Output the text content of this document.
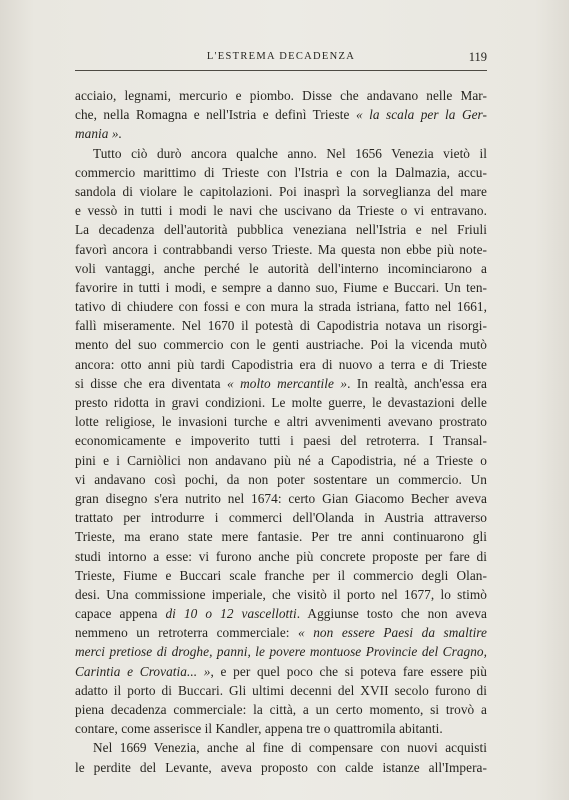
L'ESTREMA DECADENZA	119
acciaio, legnami, mercurio e piombo. Disse che andavano nelle Mar-
che, nella Romagna e nell'Istria e definì Trieste « la scala per la Ger-
mania ».
Tutto ciò durò ancora qualche anno. Nel 1656 Venezia vietò il
commercio marittimo di Trieste con l'Istria e con la Dalmazia, accu-
sandola di violare le capitolazioni. Poi inasprì la sorveglianza del mare
e vessò in tutti i modi le navi che uscivano da Trieste o vi entravano.
La decadenza dell'autorità pubblica veneziana nell'Istria e nel Friuli
favorì ancora i contrabbandi verso Trieste. Ma questa non ebbe più note-
voli vantaggi, anche perché le autorità dell'interno incominciarono a
favorire in tutti i modi, e sempre a danno suo, Fiume e Buccari. Un ten-
tativo di chiudere con fossi e con mura la strada istriana, fatto nel 1661,
fallì miseramente. Nel 1670 il potestà di Capodistria notava un risorgi-
mento del suo commercio con le genti austriache. Poi la vicenda mutò
ancora: otto anni più tardi Capodistria era di nuovo a terra e di Trieste
si disse che era diventata « molto mercantile ». In realtà, anch'essa era
presto ridotta in gravi condizioni. Le molte guerre, le devastazioni delle
lotte religiose, le invasioni turche e altri avvenimenti avevano prostrato
economicamente e impoverito tutti i paesi del retroterra. I Transal-
pini e i Carniòlici non andavano più né a Capodistria, né a Trieste o
vi andavano così pochi, da non poter sostentare un commercio. Un
gran disegno s'era nutrito nel 1674: certo Gian Giacomo Becher aveva
trattato per introdurre i commerci dell'Olanda in Austria attraverso
Trieste, ma erano state mere fantasie. Per tre anni continuarono gli
studi intorno a esse: vi furono anche più concrete proposte per fare di
Trieste, Fiume e Buccari scale franche per il commercio degli Olan-
desi. Una commissione imperiale, che visitò il porto nel 1677, lo stimò
capace appena di 10 o 12 vascellotti. Aggiunse tosto che non aveva
nemmeno un retroterra commerciale: « non essere Paesi da smaltire
merci pretiose di droghe, panni, le povere montuose Provincie del Cragno,
Carintia e Crovatia... », e per quel poco che si poteva fare essere più
adatto il porto di Buccari. Gli ultimi decenni del XVII secolo furono di
piena decadenza commerciale: la città, a un certo momento, si trovò a
contare, come asserisce il Kandler, appena tre o quattromila abitanti.
Nel 1669 Venezia, anche al fine di compensare con nuovi acquisti
le perdite del Levante, aveva proposto con calde istanze all'Impera-
